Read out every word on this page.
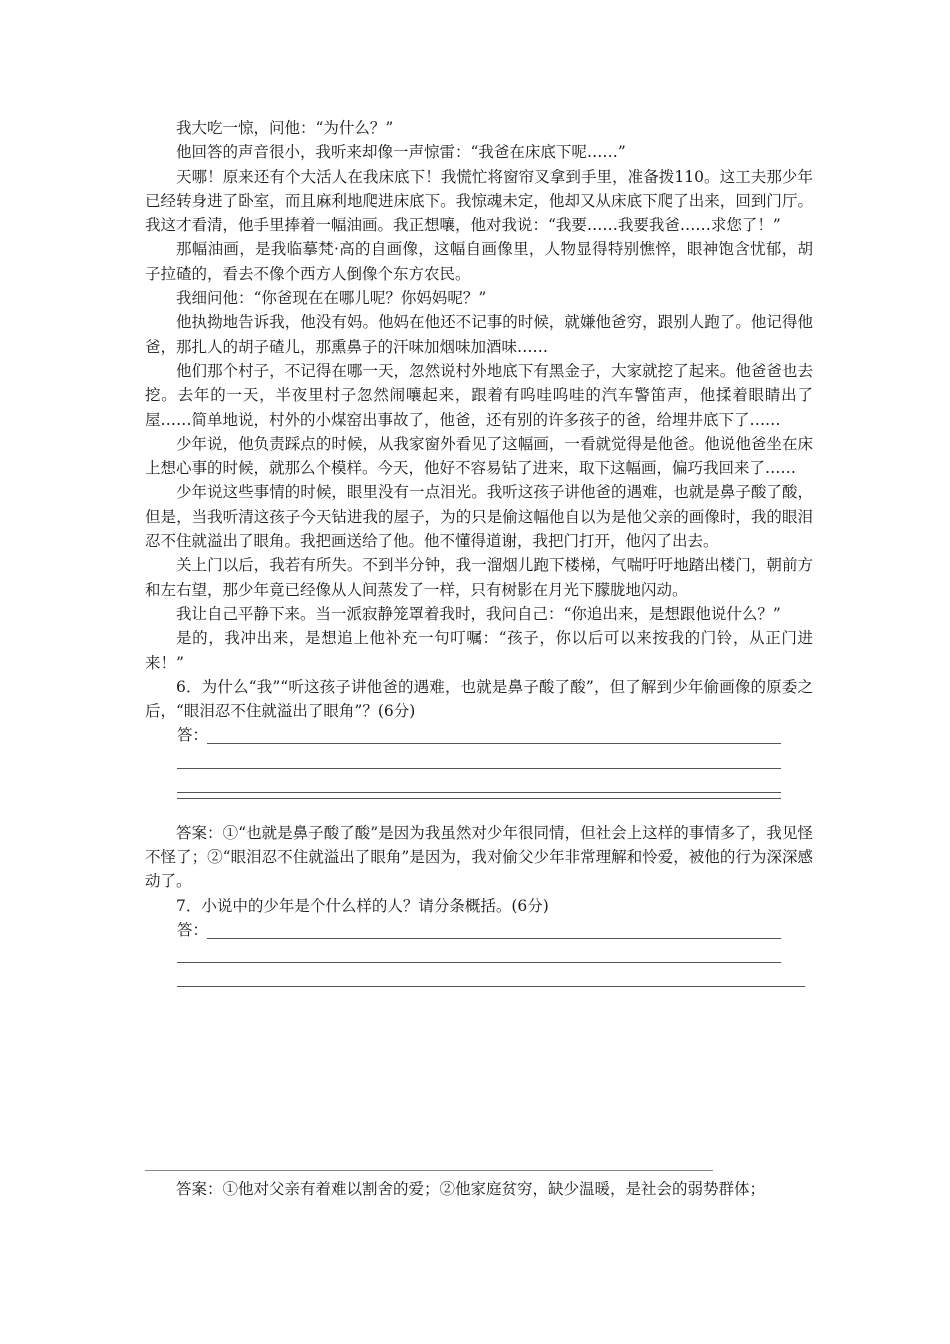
我大吃一惊，问他：“为什么？”

他回答的声音很小，我听来却像一声惊雷：“我爸在床底下呢……”

天哪！原来还有个大活人在我床底下！我慌忙将窗帘叉拿到手里，准备拨110。这工夫那少年已经转身进了卧室，而且麻利地爬进床底下。我惊魂未定，他却又从床底下爬了出来，回到门厅。我这才看清，他手里捧着一幅油画。我正想嚷，他对我说：“我要……我要我爸……求您了！”

那幅油画，是我临摹梵·高的自画像，这幅自画像里，人物显得特别憔悴，眼神饱含忧郁，胡子拉碴的，看去不像个西方人倒像个东方农民。

我细问他：“你爸现在在哪儿呢？你妈妈呢？”

他执拗地告诉我，他没有妈。他妈在他还不记事的时候，就嫌他爸穷，跟别人跑了。他记得他爸，那扎人的胡子碴儿，那熏鼻子的汗味加烟味加酒味……

他们那个村子，不记得在哪一天，忽然说村外地底下有黑金子，大家就挖了起来。他爸爸也去挖。去年的一天，半夜里村子忽然闹嚷起来，跟着有呜哇呜哇的汽车警笛声，他揉着眼睛出了屋……简单地说，村外的小煤窑出事故了，他爸，还有别的许多孩子的爸，给埋井底下了……

少年说，他负责踩点的时候，从我家窗外看见了这幅画，一看就觉得是他爸。他说他爸坐在床上想心事的时候，就那么个模样。今天，他好不容易钻了进来，取下这幅画，偏巧我回来了……

少年说这些事情的时候，眼里没有一点泪光。我听这孩子讲他爸的遇难，也就是鼻子酸了酸，但是，当我听清这孩子今天钻进我的屋子，为的只是偷这幅他自以为是他父亲的画像时，我的眼泪忍不住就溢出了眼角。我把画送给了他。他不懂得道谢，我把门打开，他闪了出去。

关上门以后，我若有所失。不到半分钟，我一溜烟儿跑下楼梯，气喘吁吁地踏出楼门，朝前方和左右望，那少年竟已经像从人间蒸发了一样，只有树影在月光下朦胧地闪动。

我让自己平静下来。当一派寂静笼罩着我时，我问自己：“你追出来，是想跟他说什么？”

是的，我冲出来，是想追上他补充一句叮嘱：“孩子，你以后可以来按我的门铃，从正门进来！”

6．为什么“我”“听这孩子讲他爸的遇难，也就是鼻子酸了酸”，但了解到少年偷画像的原委之后，“眼泪忍不住就溢出了眼角”？(6分)

答：

答案：①“也就是鼻子酸了酸”是因为我虽然对少年很同情，但社会上这样的事情多了，我见怪不怪了；②“眼泪忍不住就溢出了眼角”是因为，我对偷父少年非常理解和怜爱，被他的行为深深感动了。

7．小说中的少年是个什么样的人？请分条概括。(6分)

答：
答案：①他对父亲有着难以割舍的爱；②他家庭贫穷，缺少温暖，是社会的弱势群体；
